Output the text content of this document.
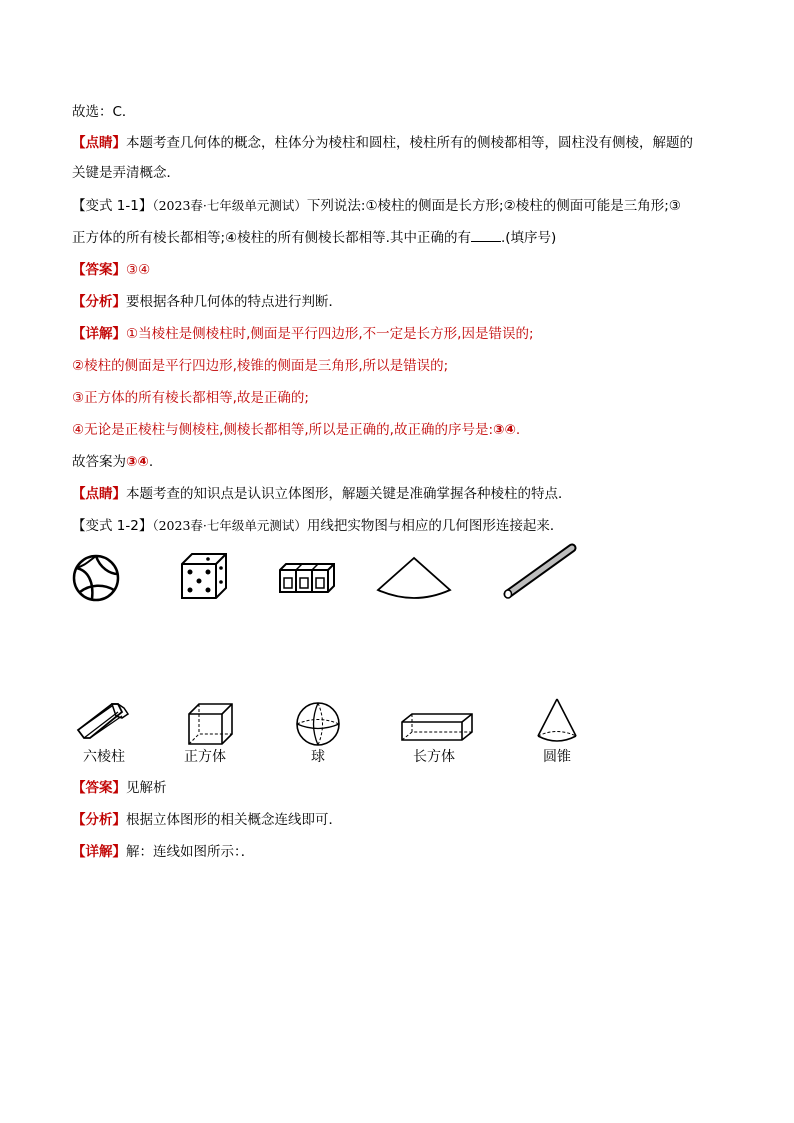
故选：C．
【点睛】本题考查几何体的概念，柱体分为棱柱和圆柱，棱柱所有的侧棱都相等，圆柱没有侧棱，解题的
关键是弄清概念．
【变式 1-1】（2023春·七年级单元测试）下列说法:①棱柱的侧面是长方形;②棱柱的侧面可能是三角形;③
正方体的所有棱长都相等;④棱柱的所有侧棱长都相等.其中正确的有 .(填序号)
【答案】③④
【分析】要根据各种几何体的特点进行判断．
【详解】①当棱柱是侧棱柱时,侧面是平行四边形,不一定是长方形,因是错误的;
②棱柱的侧面是平行四边形,棱锥的侧面是三角形,所以是错误的;
③正方体的所有棱长都相等,故是正确的;
④无论是正棱柱与侧棱柱,侧棱长都相等,所以是正确的,故正确的序号是:③④.
故答案为③④.
【点睛】本题考查的知识点是认识立体图形，解题关键是准确掌握各种棱柱的特点．
【变式 1-2】（2023春·七年级单元测试）用线把实物图与相应的几何图形连接起来．
六棱柱	正方体	球	长方体	圆锥
【答案】见解析
【分析】根据立体图形的相关概念连线即可．
【详解】解：连线如图所示：．
